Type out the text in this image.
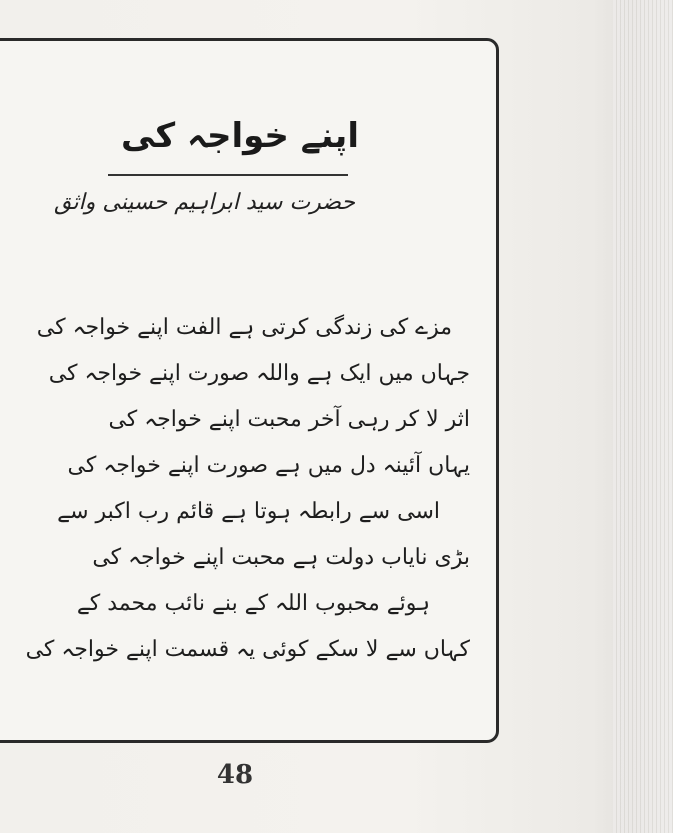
اپنے خواجہ کی
حضرت سید ابراہیم حسینی واثق
مزے کی زندگی کرتی ہے الفت اپنے خواجہ کی
جہاں میں ایک ہے واللہ صورت اپنے خواجہ کی
اثر لا کر رہی آخر محبت اپنے خواجہ کی
یہاں آئینہ دل میں ہے صورت اپنے خواجہ کی
اسی سے رابطہ ہوتا ہے قائم رب اکبر سے
بڑی نایاب دولت ہے محبت اپنے خواجہ کی
ہوئے محبوب اللہ کے بنے نائب محمد کے
کہاں سے لا سکے کوئی یہ قسمت اپنے خواجہ کی
48
